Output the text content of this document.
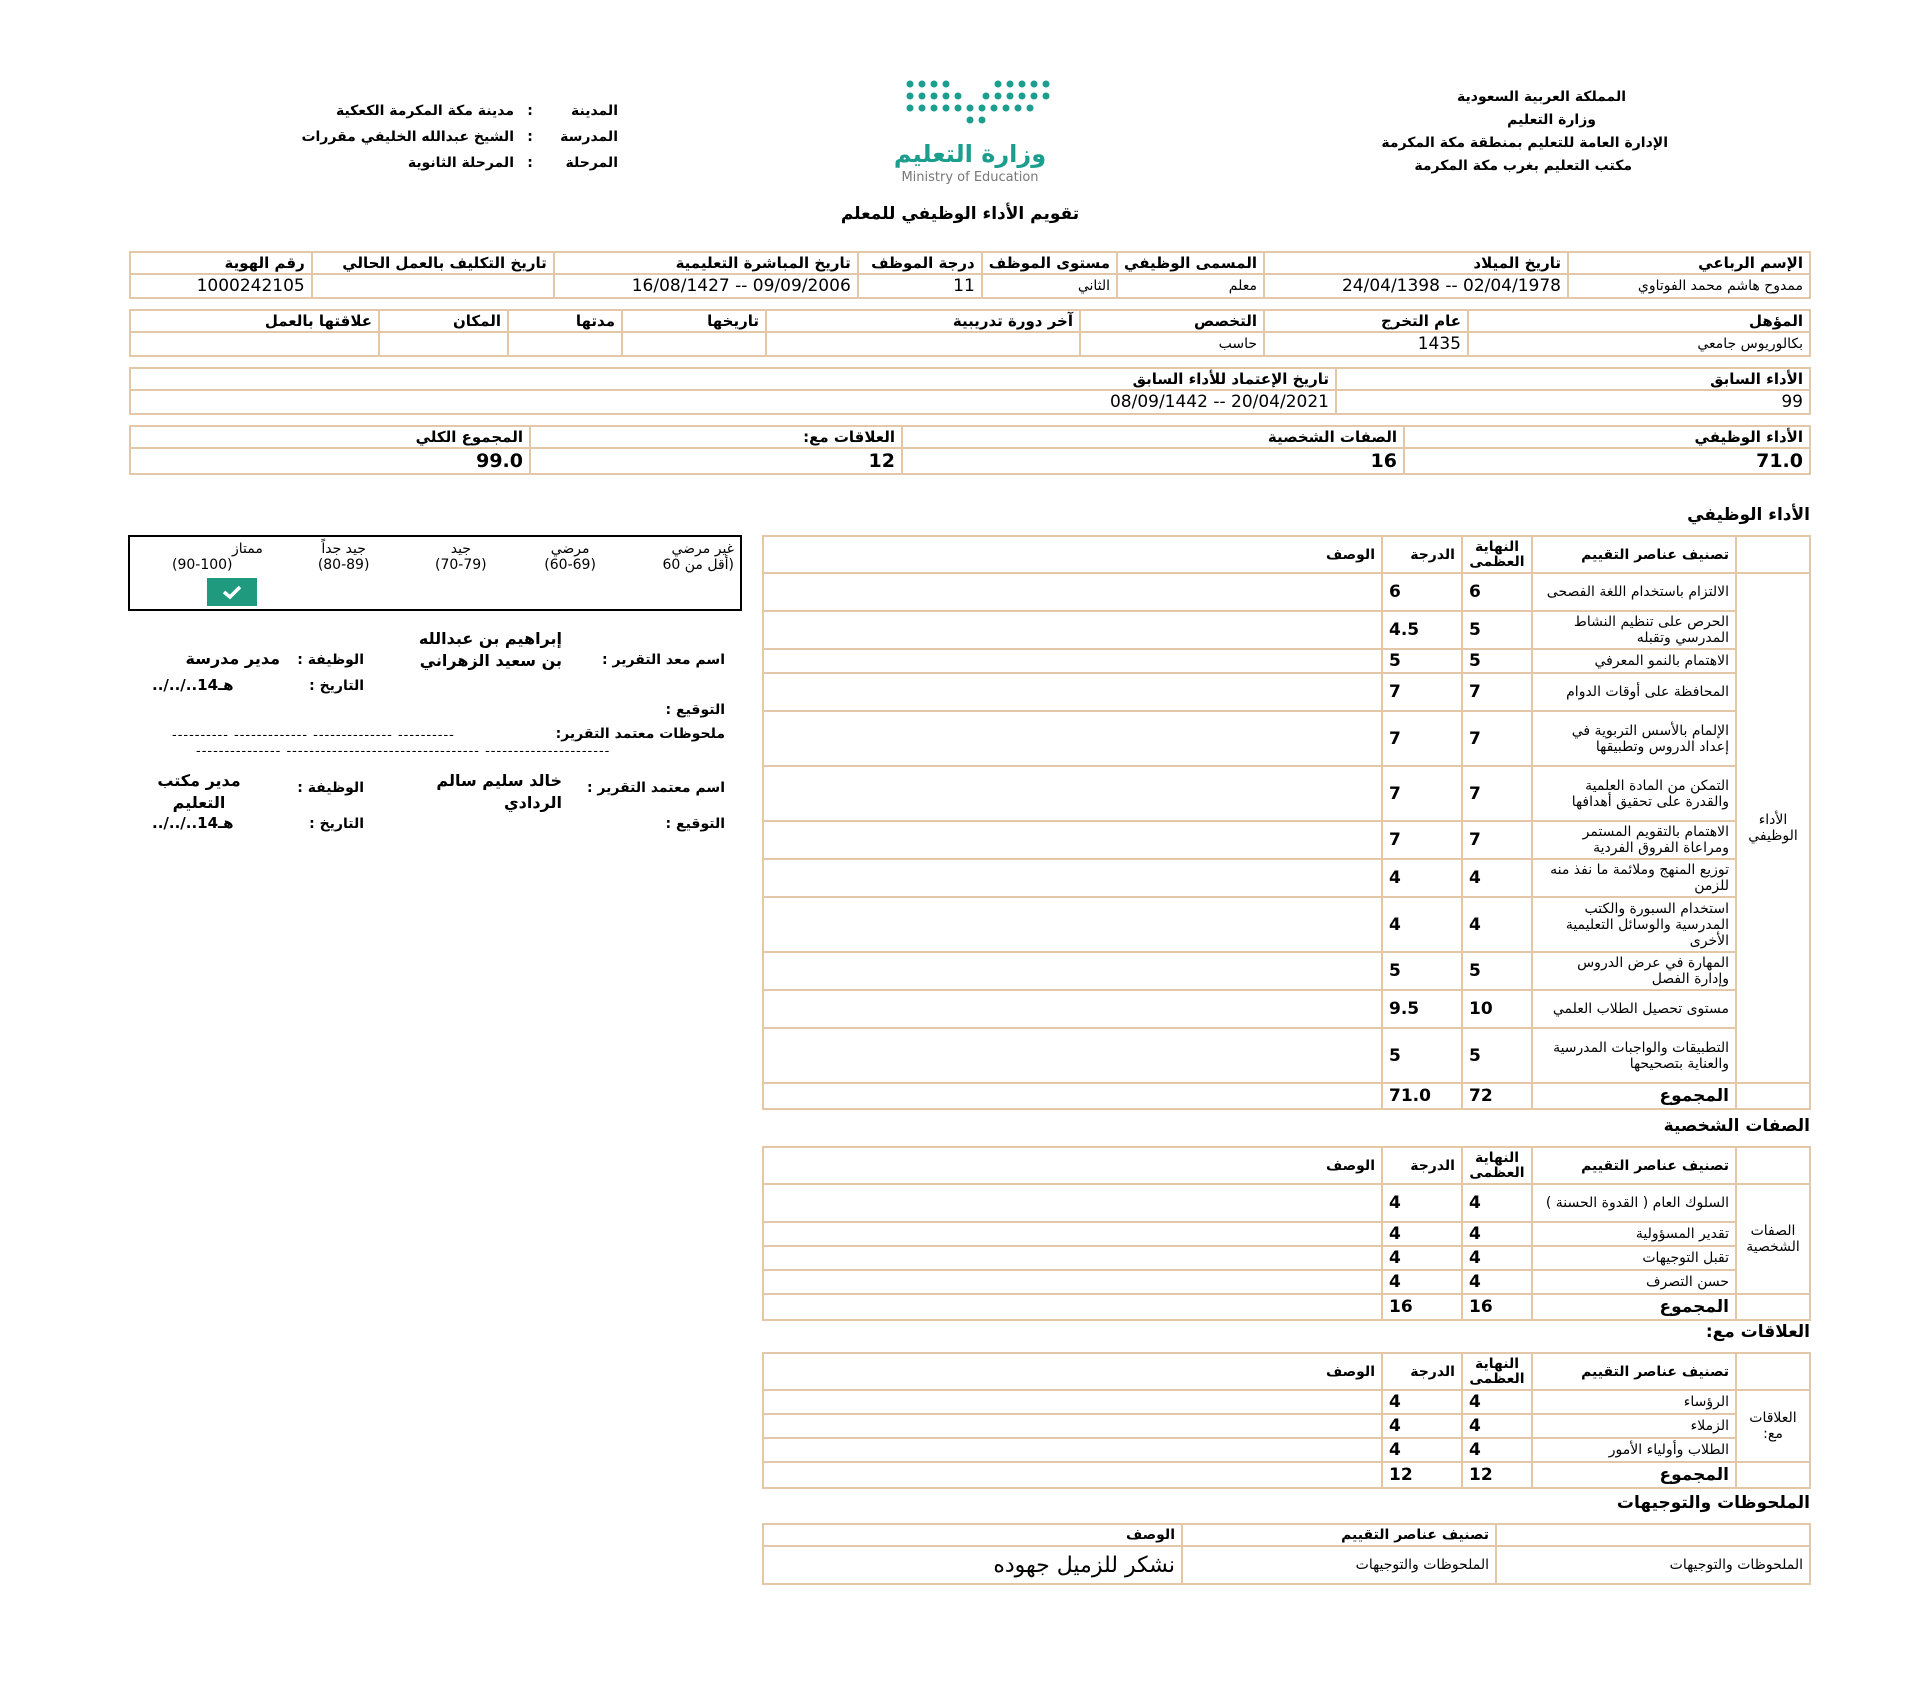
المملكة العربية السعودية
وزارة التعليم
الإدارة العامة للتعليم بمنطقة مكة المكرمة
مكتب التعليم بغرب مكة المكرمة
وزارة التعليم
Ministry of Education
المدينة
:
مدينة مكة المكرمة الكعكية
المدرسة
:
الشيخ عبدالله الخليفي مقررات
المرحلة
:
المرحلة الثانوية
تقويم الأداء الوظيفي للمعلم
الإسم الرباعي	تاريخ الميلاد	المسمى الوظيفي	مستوى الموظف	درجة الموظف	تاريخ المباشرة التعليمية	تاريخ التكليف بالعمل الحالي	رقم الهوية
ممدوح هاشم محمد الفوتاوي	24/04/1398 -- 02/04/1978	معلم	الثاني	11	16/08/1427 -- 09/09/2006		1000242105
المؤهل	عام التخرج	التخصص	آخر دورة تدريبية	تاريخها	مدتها	المكان	علاقتها بالعمل
بكالوريوس جامعي	1435	حاسب					
الأداء السابق	تاريخ الإعتماد للأداء السابق
99	08/09/1442 -- 20/04/2021
الأداء الوظيفي	الصفات الشخصية	العلاقات مع:	المجموع الكلي
71.0	16	12	99.0
غير مرضي
(أقل من 60
مرضي
(60-69)
جيد
(70-79)
جيد جداً
(80-89)
ممتاز
(90-100)
اسم معد التقرير :
إبراهيم بن عبدالله بن سعيد الزهراني
الوظيفة :
مدير مدرسة
التاريخ :
../../..14هـ
التوقيع :
ملحوظات معتمد التقرير:
---------- ------------- -------------- ----------
--------------- ---------------------------------- ----------------------
اسم معتمد التقرير :
خالد سليم سالم الردادي
الوظيفة :
مدير مكتب التعليم
التاريخ :
../../..14هـ	التوقيع :
الأداء الوظيفي
	تصنيف عناصر التقييم	النهاية العظمى	الدرجة	الوصف
الأداء الوظيفي	الالتزام باستخدام اللغة الفصحى	6	6	
	الحرص على تنظيم النشاط المدرسي وتقبله	5	4.5	
	الاهتمام بالنمو المعرفي	5	5	
	المحافظة على أوقات الدوام	7	7	
	الإلمام بالأسس التربوية في إعداد الدروس وتطبيقها	7	7	
	التمكن من المادة العلمية والقدرة على تحقيق أهدافها	7	7	
	الاهتمام بالتقويم المستمر ومراعاة الفروق الفردية	7	7	
	توزيع المنهج وملائمة ما نفذ منه للزمن	4	4	
	استخدام السبورة والكتب المدرسية والوسائل التعليمية الأخرى	4	4	
	المهارة في عرض الدروس وإدارة الفصل	5	5	
	مستوى تحصيل الطلاب العلمي	10	9.5	
	التطبيقات والواجبات المدرسية والعناية بتصحيحها	5	5	
	المجموع	72	71.0	
الصفات الشخصية
	تصنيف عناصر التقييم	النهاية العظمى	الدرجة	الوصف
الصفات الشخصية	السلوك العام ( القدوة الحسنة )	4	4	
	تقدير المسؤولية	4	4	
	تقبل التوجيهات	4	4	
	حسن التصرف	4	4	
	المجموع	16	16	
العلاقات مع:
	تصنيف عناصر التقييم	النهاية العظمى	الدرجة	الوصف
العلاقات مع:	الرؤساء	4	4	
	الزملاء	4	4	
	الطلاب وأولياء الأمور	4	4	
	المجموع	12	12	
الملحوظات والتوجيهات
	تصنيف عناصر التقييم	الوصف
الملحوظات والتوجيهات	الملحوظات والتوجيهات	نشكر للزميل جهوده
